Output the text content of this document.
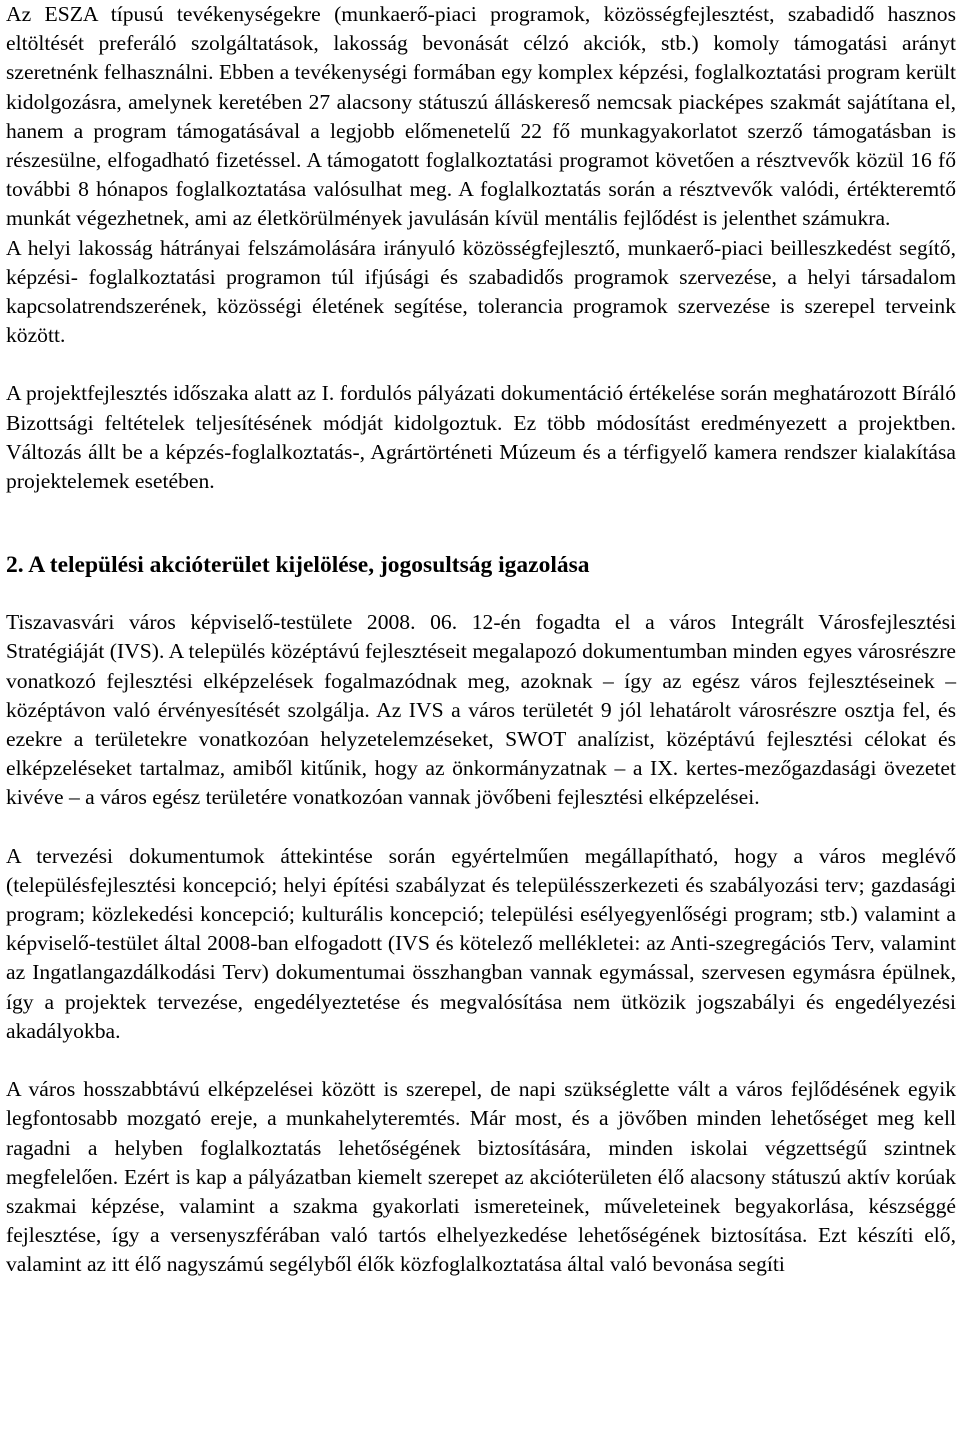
Az ESZA típusú tevékenységekre (munkaerő-piaci programok, közösségfejlesztést, szabadidő hasznos eltöltését preferáló szolgáltatások, lakosság bevonását célzó akciók, stb.) komoly támogatási arányt szeretnénk felhasználni. Ebben a tevékenységi formában egy komplex képzési, foglalkoztatási program került kidolgozásra, amelynek keretében 27 alacsony státuszú álláskereső nemcsak piacképes szakmát sajátítana el, hanem a program támogatásával a legjobb előmenetelű 22 fő munkagyakorlatot szerző támogatásban is részesülne, elfogadható fizetéssel. A támogatott foglalkoztatási programot követően a résztvevők közül 16 fő további 8 hónapos foglalkoztatása valósulhat meg. A foglalkoztatás során a résztvevők valódi, értékteremtő munkát végezhetnek, ami az életkörülmények javulásán kívül mentális fejlődést is jelenthet számukra.

A helyi lakosság hátrányai felszámolására irányuló közösségfejlesztő, munkaerő-piaci beilleszkedést segítő, képzési- foglalkoztatási programon túl ifjúsági és szabadidős programok szervezése, a helyi társadalom kapcsolatrendszerének, közösségi életének segítése, tolerancia programok szervezése is szerepel terveink között.

A projektfejlesztés időszaka alatt az I. fordulós pályázati dokumentáció értékelése során meghatározott Bíráló Bizottsági feltételek teljesítésének módját kidolgoztuk. Ez több módosítást eredményezett a projektben. Változás állt be a képzés-foglalkoztatás-, Agrártörténeti Múzeum és a térfigyelő kamera rendszer kialakítása projektelemek esetében.

2. A települési akcióterület kijelölése, jogosultság igazolása

Tiszavasvári város képviselő-testülete 2008. 06. 12-én fogadta el a város Integrált Városfejlesztési Stratégiáját (IVS). A település középtávú fejlesztéseit megalapozó dokumentumban minden egyes városrészre vonatkozó fejlesztési elképzelések fogalmazódnak meg, azoknak – így az egész város fejlesztéseinek – középtávon való érvényesítését szolgálja. Az IVS a város területét 9 jól lehatárolt városrészre osztja fel, és ezekre a területekre vonatkozóan helyzetelemzéseket, SWOT analízist, középtávú fejlesztési célokat és elképzeléseket tartalmaz, amiből kitűnik, hogy az önkormányzatnak – a IX. kertes-mezőgazdasági övezetet kivéve – a város egész területére vonatkozóan vannak jövőbeni fejlesztési elképzelései.

A tervezési dokumentumok áttekintése során egyértelműen megállapítható, hogy a város meglévő (településfejlesztési koncepció; helyi építési szabályzat és településszerkezeti és szabályozási terv; gazdasági program; közlekedési koncepció; kulturális koncepció; települési esélyegyenlőségi program; stb.) valamint a képviselő-testület által 2008-ban elfogadott (IVS és kötelező mellékletei: az Anti-szegregációs Terv, valamint az Ingatlangazdálkodási Terv) dokumentumai összhangban vannak egymással, szervesen egymásra épülnek, így a projektek tervezése, engedélyeztetése és megvalósítása nem ütközik jogszabályi és engedélyezési akadályokba.

A város hosszabbtávú elképzelései között is szerepel, de napi szükséglette vált a város fejlődésének egyik legfontosabb mozgató ereje, a munkahelyteremtés. Már most, és a jövőben minden lehetőséget meg kell ragadni a helyben foglalkoztatás lehetőségének biztosítására, minden iskolai végzettségű szintnek megfelelően. Ezért is kap a pályázatban kiemelt szerepet az akcióterületen élő alacsony státuszú aktív korúak szakmai képzése, valamint a szakma gyakorlati ismereteinek, műveleteinek begyakorlása, készséggé fejlesztése, így a versenyszférában való tartós elhelyezkedése lehetőségének biztosítása. Ezt készíti elő, valamint az itt élő nagyszámú segélyből élők közfoglalkoztatása által való bevonása segíti
